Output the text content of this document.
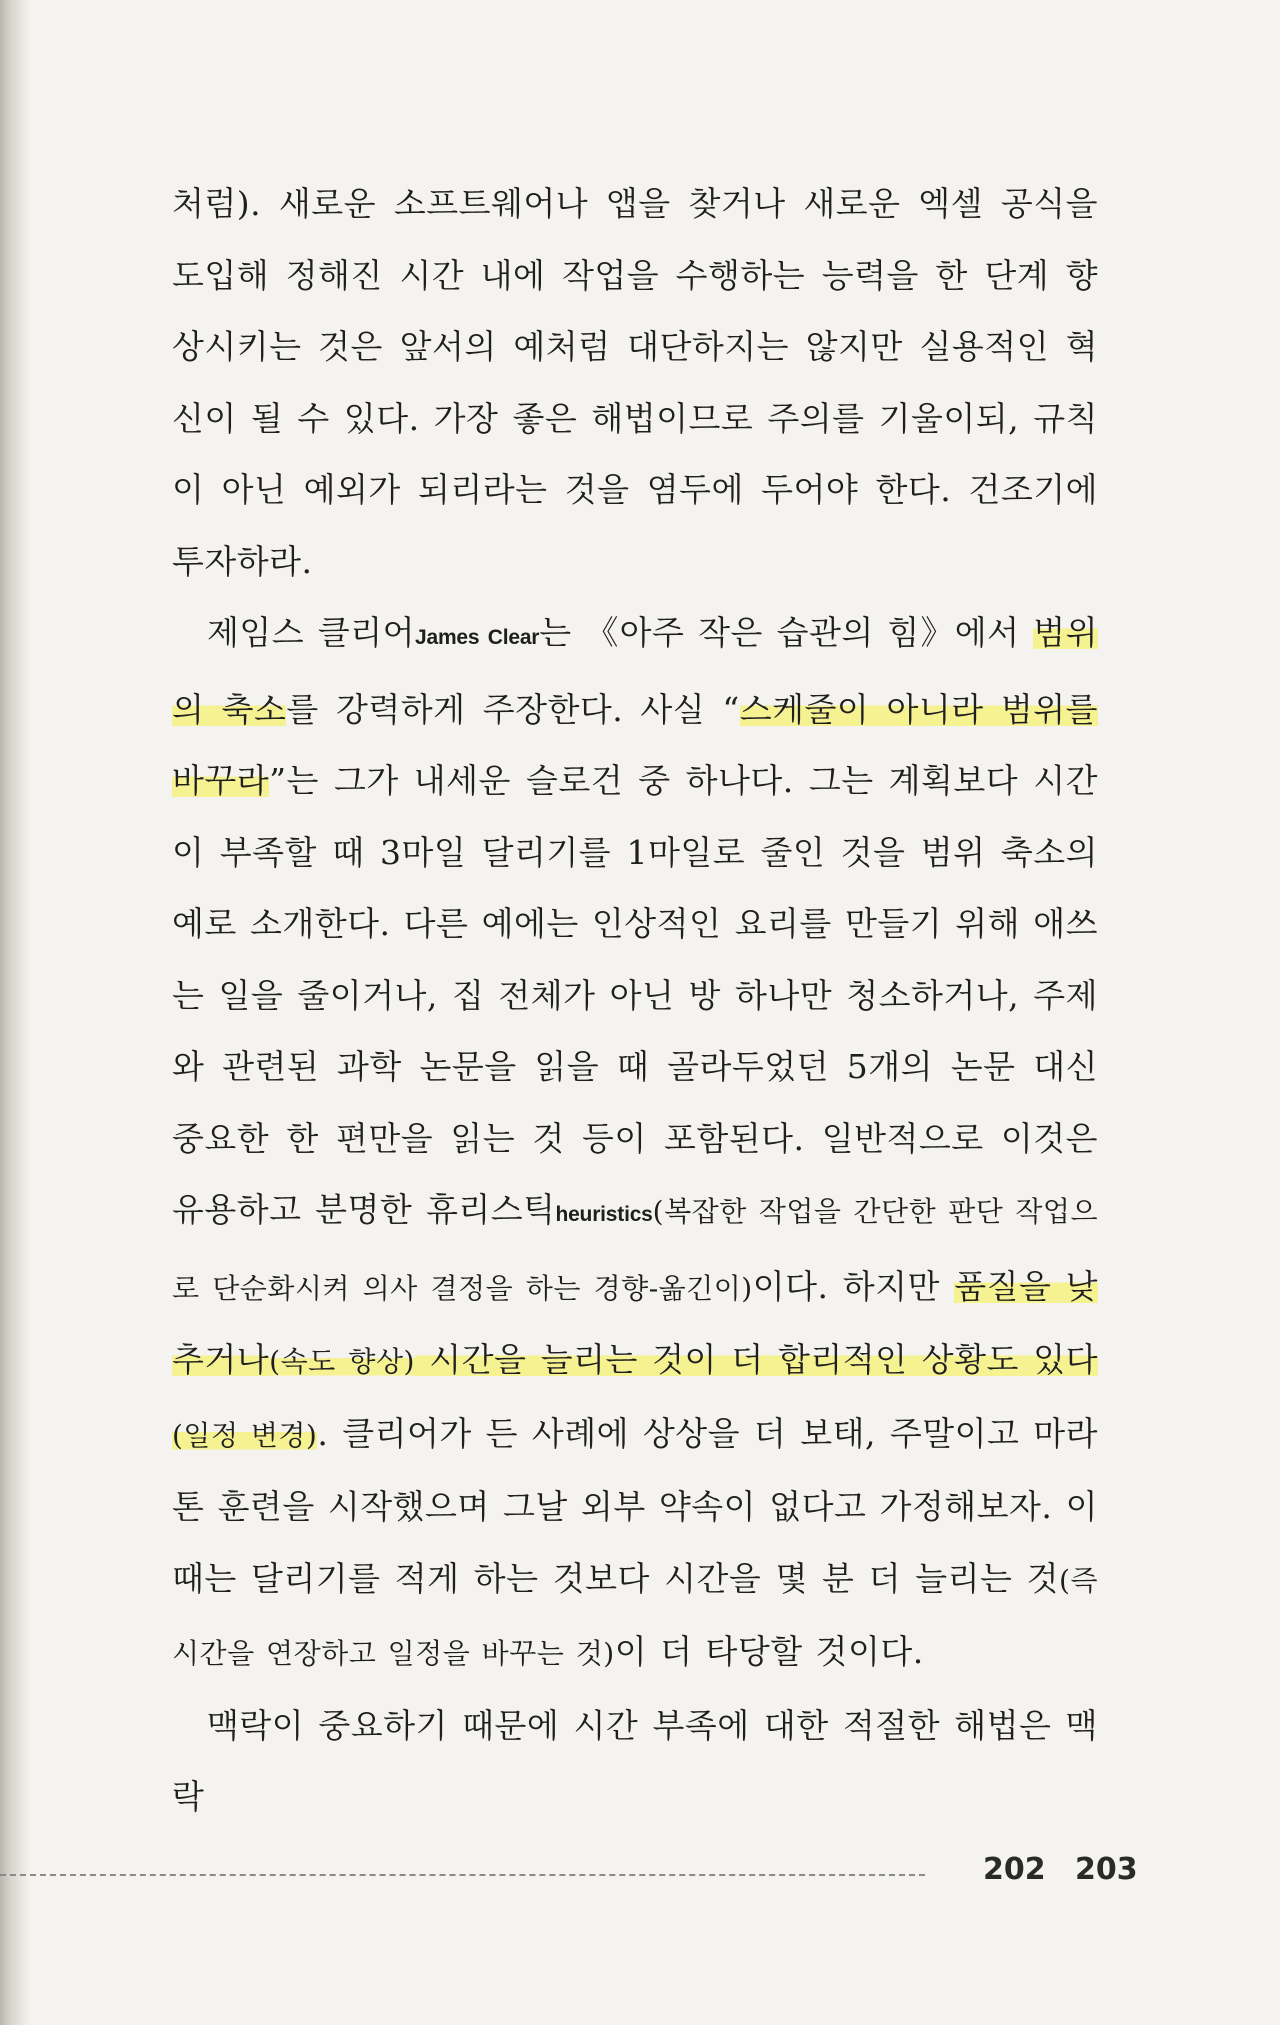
처럼). 새로운 소프트웨어나 앱을 찾거나 새로운 엑셀 공식을 도입해 정해진 시간 내에 작업을 수행하는 능력을 한 단계 향상시키는 것은 앞서의 예처럼 대단하지는 않지만 실용적인 혁신이 될 수 있다. 가장 좋은 해법이므로 주의를 기울이되, 규칙이 아닌 예외가 되리라는 것을 염두에 두어야 한다. 건조기에 투자하라.

제임스 클리어James Clear는 《아주 작은 습관의 힘》에서 범위의 축소를 강력하게 주장한다. 사실 “스케줄이 아니라 범위를 바꾸라”는 그가 내세운 슬로건 중 하나다. 그는 계획보다 시간이 부족할 때 3마일 달리기를 1마일로 줄인 것을 범위 축소의 예로 소개한다. 다른 예에는 인상적인 요리를 만들기 위해 애쓰는 일을 줄이거나, 집 전체가 아닌 방 하나만 청소하거나, 주제와 관련된 과학 논문을 읽을 때 골라두었던 5개의 논문 대신 중요한 한 편만을 읽는 것 등이 포함된다. 일반적으로 이것은 유용하고 분명한 휴리스틱heuristics(복잡한 작업을 간단한 판단 작업으로 단순화시켜 의사 결정을 하는 경향-옮긴이)이다. 하지만 품질을 낮추거나(속도 향상) 시간을 늘리는 것이 더 합리적인 상황도 있다(일정 변경). 클리어가 든 사례에 상상을 더 보태, 주말이고 마라톤 훈련을 시작했으며 그날 외부 약속이 없다고 가정해보자. 이때는 달리기를 적게 하는 것보다 시간을 몇 분 더 늘리는 것(즉 시간을 연장하고 일정을 바꾸는 것)이 더 타당할 것이다.

맥락이 중요하기 때문에 시간 부족에 대한 적절한 해법은 맥락

202 203
